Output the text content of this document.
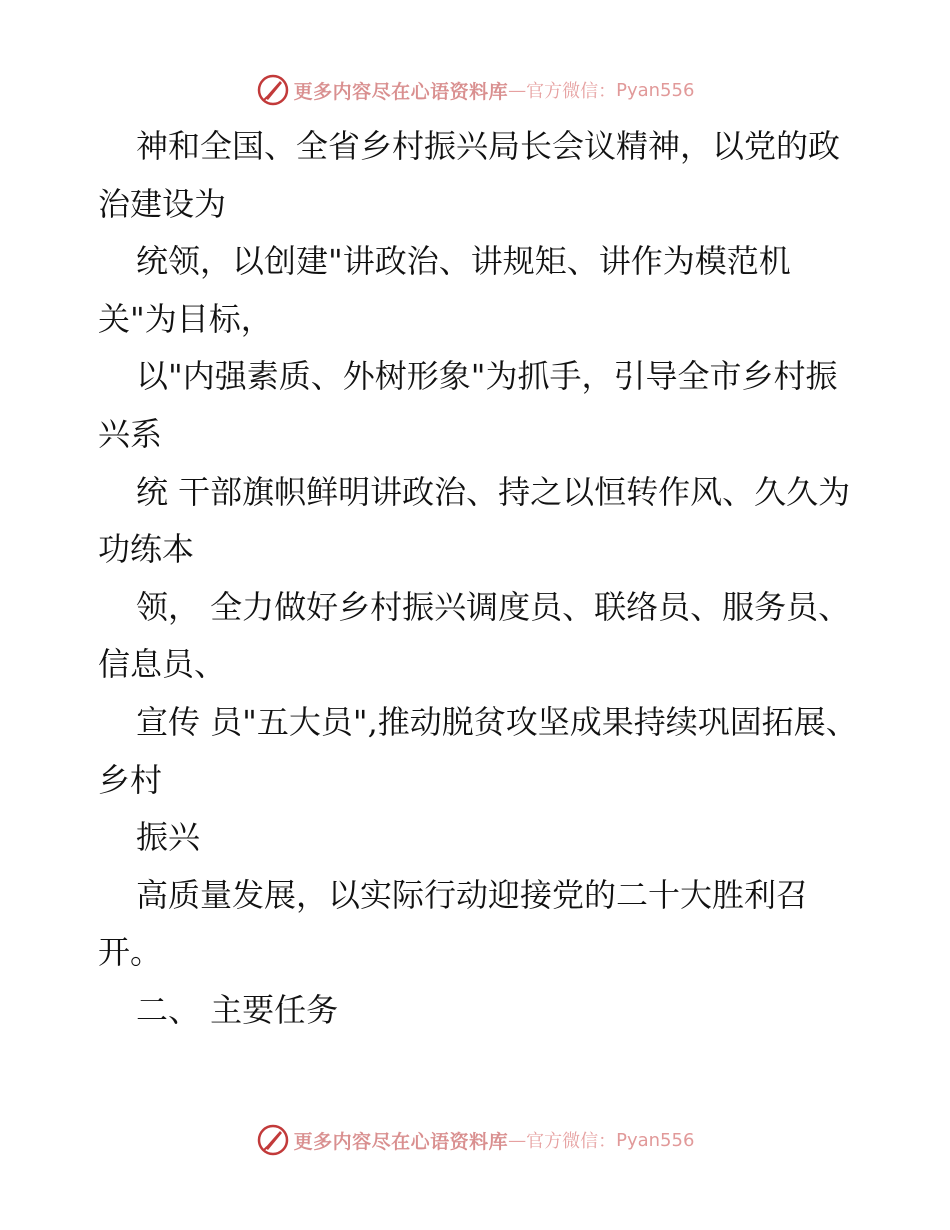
更多内容尽在心语资料库 — 官方微信： Pyan556

神和全国、全省乡村振兴局长会议精神，以党的政治建设为

统领，以创建"讲政治、讲规矩、讲作为模范机关"为目标，

以"内强素质、外树形象"为抓手，引导全市乡村振兴系

统 干部旗帜鲜明讲政治、持之以恒转作风、久久为功练本

领， 全力做好乡村振兴调度员、联络员、服务员、信息员、

宣传 员"五大员",推动脱贫攻坚成果持续巩固拓展、乡村

振兴

高质量发展，以实际行动迎接党的二十大胜利召开。

二、 主要任务

更多内容尽在心语资料库 — 官方微信： Pyan556
